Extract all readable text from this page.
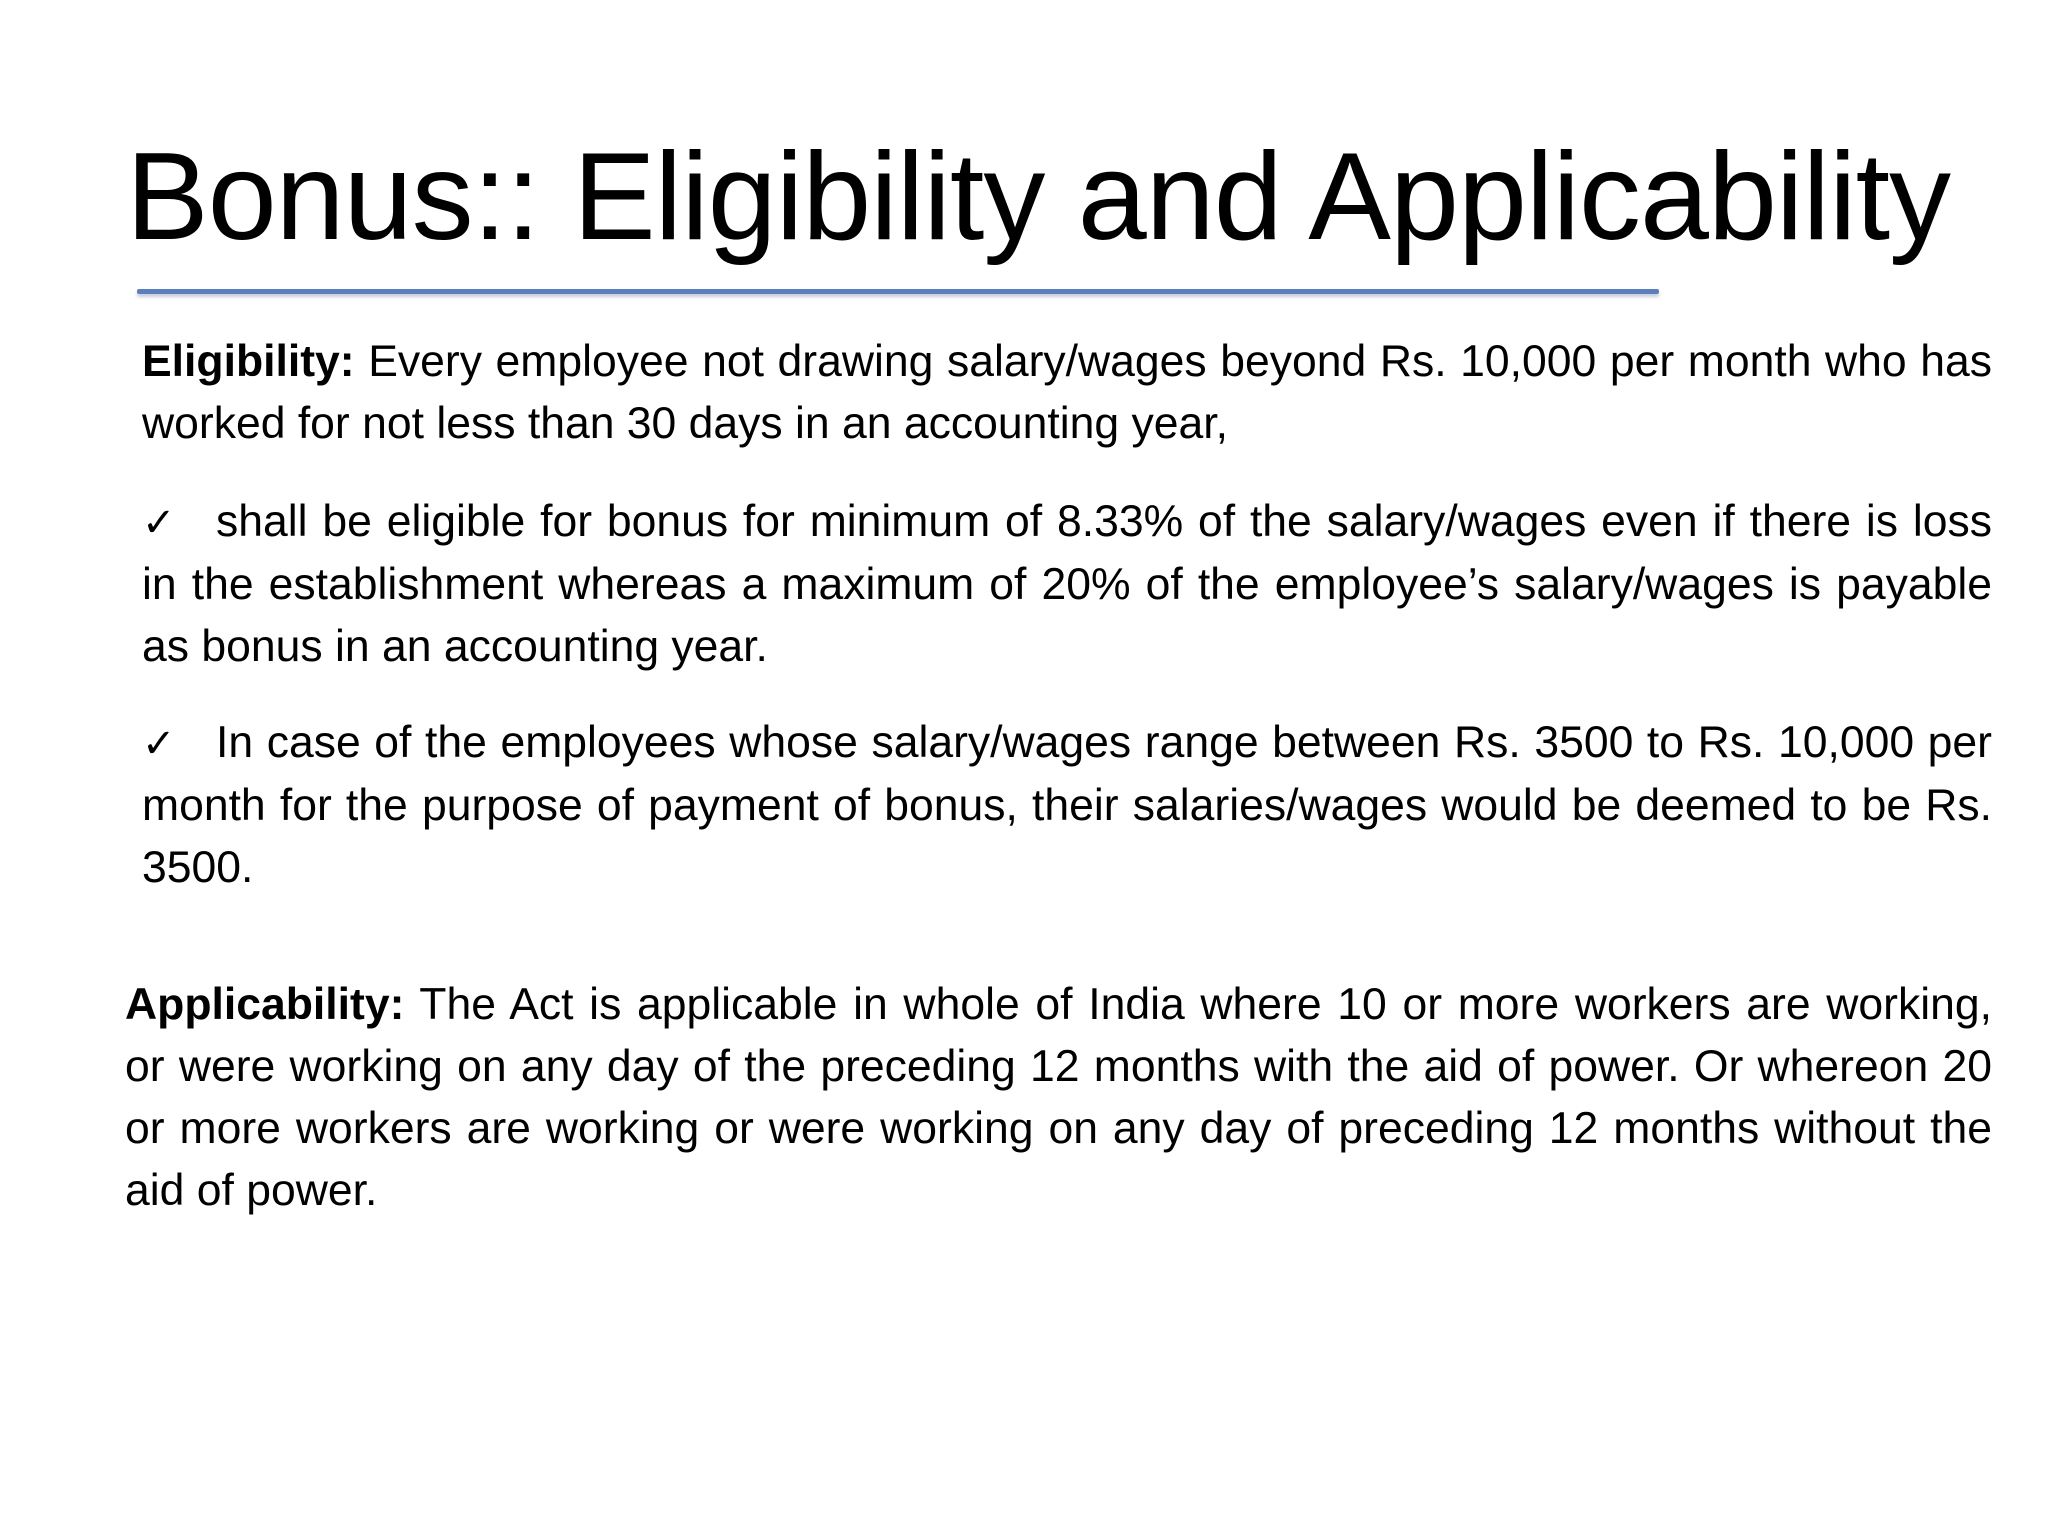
Bonus:: Eligibility and Applicability

Eligibility: Every employee not drawing salary/wages beyond Rs. 10,000 per month who has worked for not less than 30 days in an accounting year,

✓ shall be eligible for bonus for minimum of 8.33% of the salary/wages even if there is loss in the establishment whereas a maximum of 20% of the employee’s salary/wages is payable as bonus in an accounting year.

✓ In case of the employees whose salary/wages range between Rs. 3500 to Rs. 10,000 per month for the purpose of payment of bonus, their salaries/wages would be deemed to be Rs. 3500.

Applicability: The Act is applicable in whole of India where 10 or more workers are working, or were working on any day of the preceding 12 months with the aid of power. Or whereon 20 or more workers are working or were working on any day of preceding 12 months without the aid of power.
